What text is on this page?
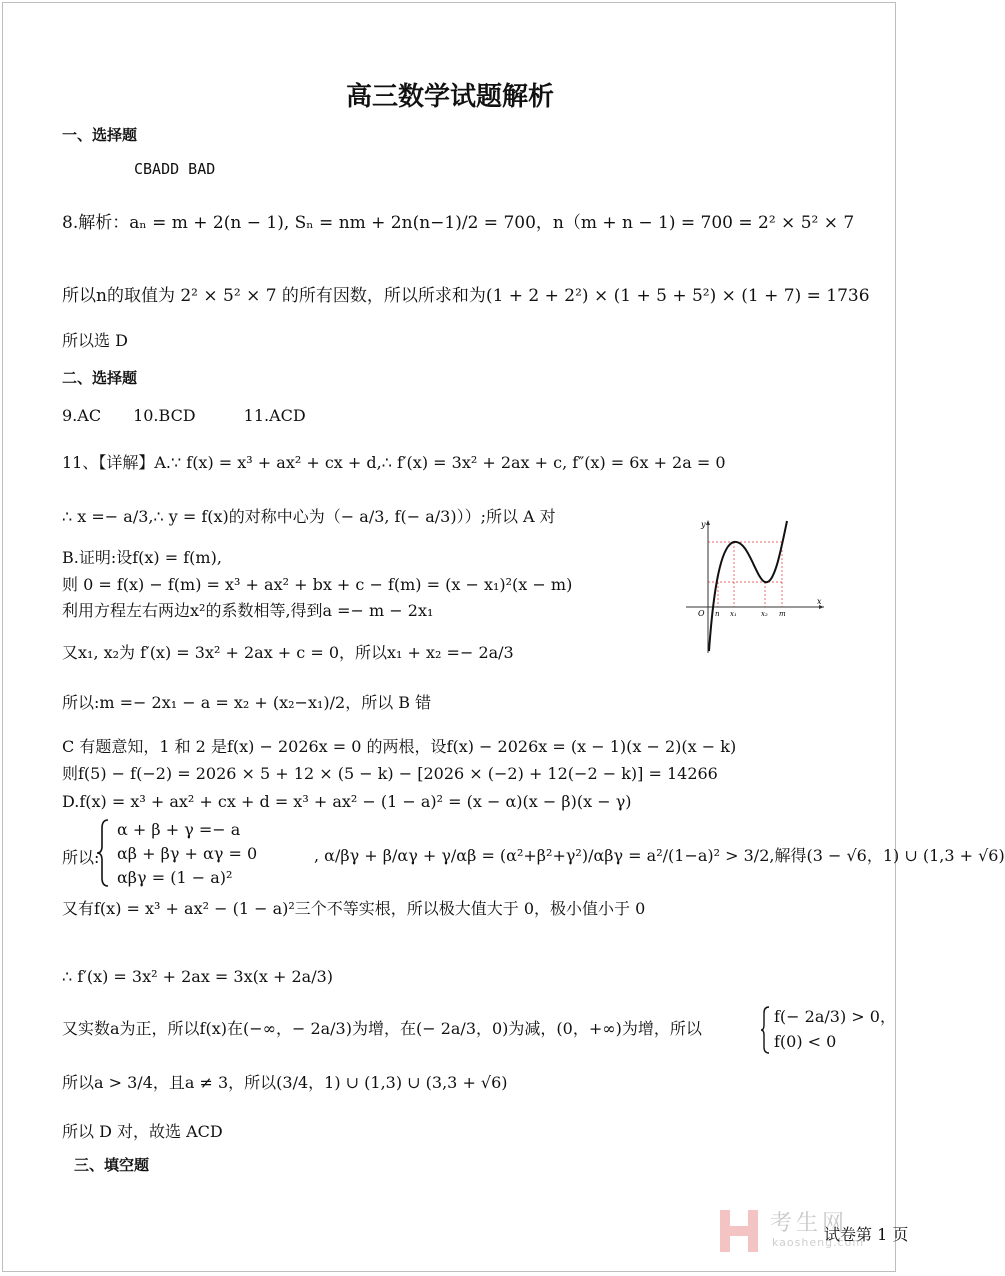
高三数学试题解析
一、选择题
CBADD BAD
8.解析：aₙ = m + 2(n − 1), Sₙ = nm + 2n(n−1)/2 = 700，n（m + n − 1) = 700 = 2² × 5² × 7
所以n的取值为 2² × 5² × 7 的所有因数，所以所求和为(1 + 2 + 2²) × (1 + 5 + 5²) × (1 + 7) = 1736
所以选 D
二、选择题
9.AC　　10.BCD　　　11.ACD
11、【详解】A.∵ f(x) = x³ + ax² + cx + d,∴ f′(x) = 3x² + 2ax + c, f″(x) = 6x + 2a = 0
∴ x =− a/3,∴ y = f(x)的对称中心为（− a/3, f(− a/3)））;所以 A 对
B.证明:设f(x) = f(m),
则 0 = f(x) − f(m) = x³ + ax² + bx + c − f(m) = (x − x₁)²(x − m)
利用方程左右两边x²的系数相等,得到a =− m − 2x₁
又x₁, x₂为 f′(x) = 3x² + 2ax + c = 0，所以x₁ + x₂ =− 2a/3
所以:m =− 2x₁ − a = x₂ + (x₂−x₁)/2，所以 B 错
C 有题意知，1 和 2 是f(x) − 2026x = 0 的两根，设f(x) − 2026x = (x − 1)(x − 2)(x − k)
则f(5) − f(−2) = 2026 × 5 + 12 × (5 − k) − [2026 × (−2) + 12(−2 − k)] = 14266
D.f(x) = x³ + ax² + cx + d = x³ + ax² − (1 − a)² = (x − α)(x − β)(x − γ)
所以:
α + β + γ =− a
αβ + βγ + αγ = 0
αβγ = (1 − a)²
, α/βγ + β/αγ + γ/αβ = (α²+β²+γ²)/αβγ = a²/(1−a)² > 3/2,解得(3 − √6，1) ∪ (1,3 + √6)
又有f(x) = x³ + ax² − (1 − a)²三个不等实根，所以极大值大于 0，极小值小于 0
∴ f′(x) = 3x² + 2ax = 3x(x + 2a/3)
又实数a为正，所以f(x)在(−∞，− 2a/3)为增，在(− 2a/3，0)为减，(0，+∞)为增，所以
f(− 2a/3) > 0，
f(0) < 0
所以a > 3/4，且a ≠ 3，所以(3/4，1) ∪ (1,3) ∪ (3,3 + √6)
所以 D 对，故选 ACD
三、填空题
y
x
O n x₁	x₂ m
考生网
kaosheng.com
试卷第 1 页
